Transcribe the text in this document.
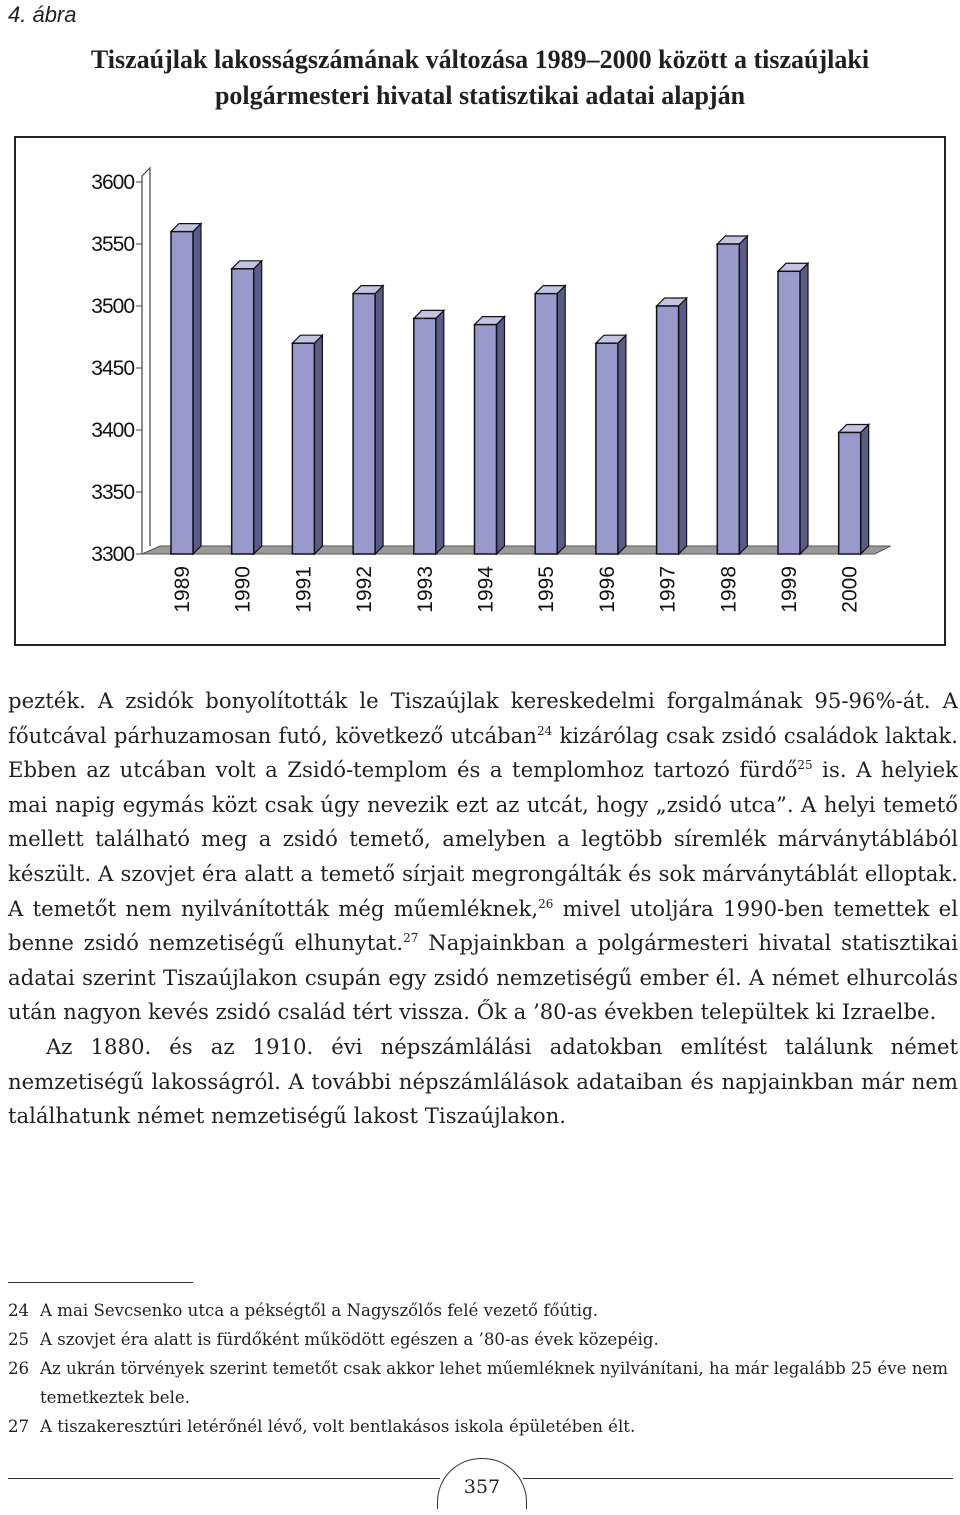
4. ábra
Tiszaújlak lakosságszámának változása 1989–2000 között a tiszaújlaki
polgármesteri hivatal statisztikai adatai alapján
3600
3550
3500
3450
3400
3350
3300
1989 1990 1991 1992 1993 1994 1995 1996 1997 1998 1999 2000

pezték. A zsidók bonyolították le Tiszaújlak kereskedelmi forgalmának 95-96%-át. A főutcával párhuzamosan futó, következő utcában$^{24}$ kizárólag csak zsidó családok laktak. Ebben az utcában volt a Zsidó-templom és a templomhoz tartozó fürdő$^{25}$ is. A helyiek mai napig egymás közt csak úgy nevezik ezt az utcát, hogy „zsidó utca”. A helyi temető mellett található meg a zsidó temető, amelyben a legtöbb síremlék márványtáblából készült. A szovjet éra alatt a temető sírjait megrongálták és sok márványtáblát elloptak. A temetőt nem nyilvánították még műemléknek,$^{26}$ mivel utoljára 1990-ben temettek el benne zsidó nemzetiségű elhunytat.$^{27}$ Napjainkban a polgármesteri hivatal statisztikai adatai szerint Tiszaújlakon csupán egy zsidó nemzetiségű ember él. A német elhurcolás után nagyon kevés zsidó család tért vissza. Ők a ’80-as években települtek ki Izraelbe.

Az 1880. és az 1910. évi népszámlálási adatokban említést találunk német nemzetiségű lakosságról. A további népszámlálások adataiban és napjainkban már nem találhatunk német nemzetiségű lakost Tiszaújlakon.

24 A mai Sevcsenko utca a pékségtől a Nagyszőlős felé vezető főútig.
25 A szovjet éra alatt is fürdőként működött egészen a ’80-as évek közepéig.
26 Az ukrán törvények szerint temetőt csak akkor lehet műemléknek nyilvánítani, ha már legalább 25 éve nem temetkeztek bele.
27 A tiszakeresztúri letérőnél lévő, volt bentlakásos iskola épületében élt.
357
